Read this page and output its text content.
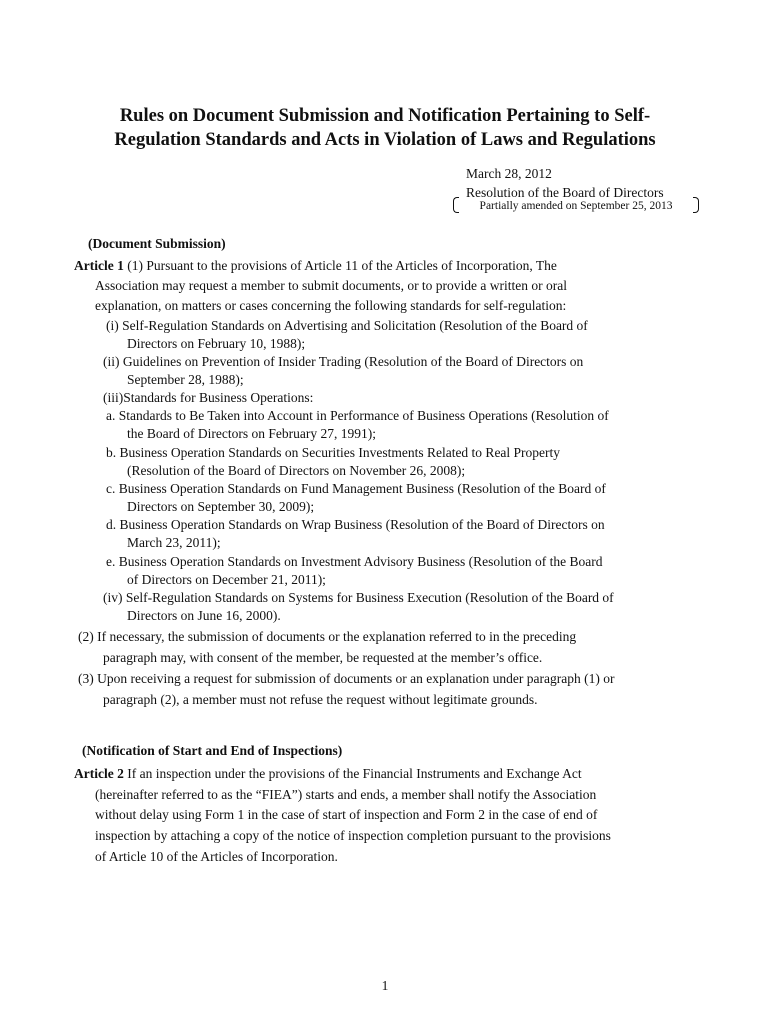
Rules on Document Submission and Notification Pertaining to Self-
Regulation Standards and Acts in Violation of Laws and Regulations
March 28, 2012
Resolution of the Board of Directors
Partially amended on September 25, 2013
(Document Submission)
Article 1 (1) Pursuant to the provisions of Article 11 of the Articles of Incorporation, The
Association may request a member to submit documents, or to provide a written or oral
explanation, on matters or cases concerning the following standards for self-regulation:
(i) Self-Regulation Standards on Advertising and Solicitation (Resolution of the Board of
Directors on February 10, 1988);
(ii) Guidelines on Prevention of Insider Trading (Resolution of the Board of Directors on
September 28, 1988);
(iii)Standards for Business Operations:
a. Standards to Be Taken into Account in Performance of Business Operations (Resolution of
the Board of Directors on February 27, 1991);
b. Business Operation Standards on Securities Investments Related to Real Property
(Resolution of the Board of Directors on November 26, 2008);
c. Business Operation Standards on Fund Management Business (Resolution of the Board of
Directors on September 30, 2009);
d. Business Operation Standards on Wrap Business (Resolution of the Board of Directors on
March 23, 2011);
e. Business Operation Standards on Investment Advisory Business (Resolution of the Board
of Directors on December 21, 2011);
(iv) Self-Regulation Standards on Systems for Business Execution (Resolution of the Board of
Directors on June 16, 2000).
(2) If necessary, the submission of documents or the explanation referred to in the preceding
paragraph may, with consent of the member, be requested at the member’s office.
(3) Upon receiving a request for submission of documents or an explanation under paragraph (1) or
paragraph (2), a member must not refuse the request without legitimate grounds.
(Notification of Start and End of Inspections)
Article 2 If an inspection under the provisions of the Financial Instruments and Exchange Act
(hereinafter referred to as the “FIEA”) starts and ends, a member shall notify the Association
without delay using Form 1 in the case of start of inspection and Form 2 in the case of end of
inspection by attaching a copy of the notice of inspection completion pursuant to the provisions
of Article 10 of the Articles of Incorporation.
1
